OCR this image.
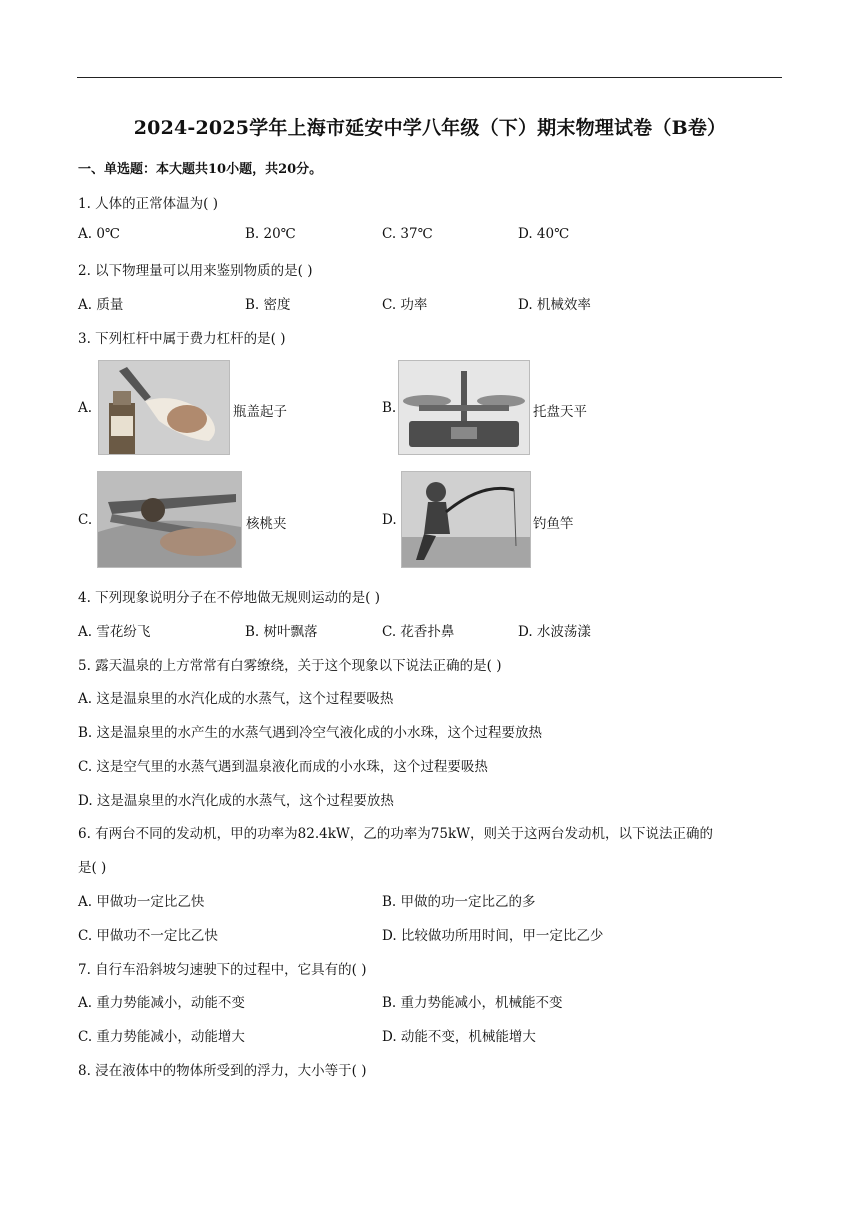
2024-2025学年上海市延安中学八年级（下）期末物理试卷（B卷）
一、单选题：本大题共10小题，共20分。
1. 人体的正常体温为( )
A. 0℃	B. 20℃	C. 37℃	D. 40℃
2. 以下物理量可以用来鉴别物质的是( )
A. 质量	B. 密度	C. 功率	D. 机械效率
3. 下列杠杆中属于费力杠杆的是( )
A.	瓶盖起子	B.	托盘天平
C.	核桃夹	D.	钓鱼竿
4. 下列现象说明分子在不停地做无规则运动的是( )
A. 雪花纷飞	B. 树叶飘落	C. 花香扑鼻	D. 水波荡漾
5. 露天温泉的上方常常有白雾缭绕，关于这个现象以下说法正确的是( )
A. 这是温泉里的水汽化成的水蒸气，这个过程要吸热
B. 这是温泉里的水产生的水蒸气遇到冷空气液化成的小水珠，这个过程要放热
C. 这是空气里的水蒸气遇到温泉液化而成的小水珠，这个过程要吸热
D. 这是温泉里的水汽化成的水蒸气，这个过程要放热
6. 有两台不同的发动机，甲的功率为82.4kW，乙的功率为75kW，则关于这两台发动机，以下说法正确的
是( )
A. 甲做功一定比乙快	B. 甲做的功一定比乙的多
C. 甲做功不一定比乙快	D. 比较做功所用时间，甲一定比乙少
7. 自行车沿斜坡匀速驶下的过程中，它具有的( )
A. 重力势能减小，动能不变	B. 重力势能减小，机械能不变
C. 重力势能减小，动能增大	D. 动能不变，机械能增大
8. 浸在液体中的物体所受到的浮力，大小等于( )
